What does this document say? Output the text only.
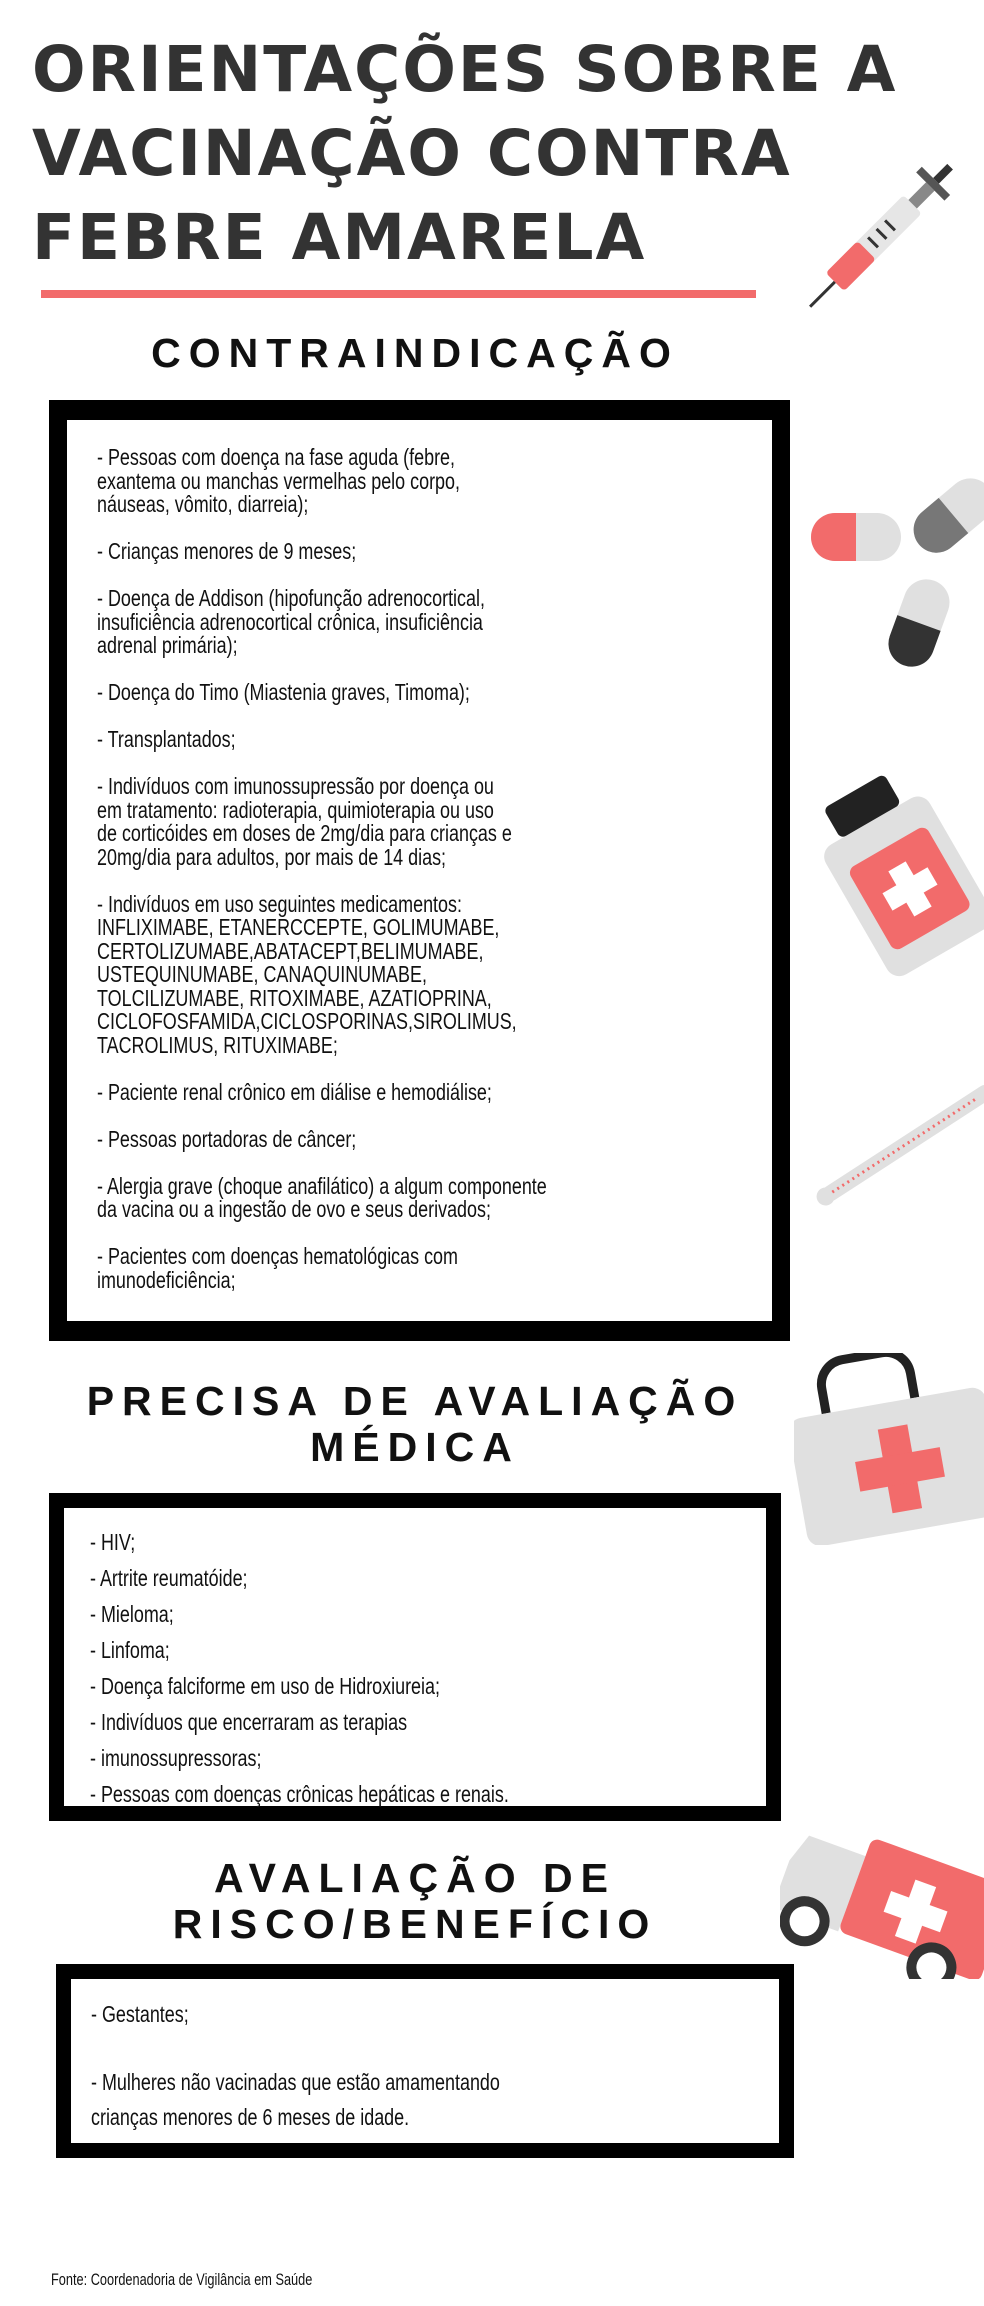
ORIENTAÇÕES SOBRE A
VACINAÇÃO CONTRA
FEBRE AMARELA
CONTRAINDICAÇÃO
- Pessoas com doença na fase aguda (febre,
exantema ou manchas vermelhas pelo corpo,
náuseas, vômito, diarreia);
- Crianças menores de 9 meses;
- Doença de Addison (hipofunção adrenocortical,
insuficiência adrenocortical crônica, insuficiência
adrenal primária);
- Doença do Timo (Miastenia graves, Timoma);
- Transplantados;
- Indivíduos com imunossupressão por doença ou
em tratamento: radioterapia, quimioterapia ou uso
de corticóides em doses de 2mg/dia para crianças e
20mg/dia para adultos, por mais de 14 dias;
- Indivíduos em uso seguintes medicamentos:
INFLIXIMABE, ETANERCCEPTE, GOLIMUMABE,
CERTOLIZUMABE,ABATACEPT,BELIMUMABE,
USTEQUINUMABE, CANAQUINUMABE,
TOLCILIZUMABE, RITOXIMABE, AZATIOPRINA,
CICLOFOSFAMIDA,CICLOSPORINAS,SIROLIMUS,
TACROLIMUS, RITUXIMABE;
- Paciente renal crônico em diálise e hemodiálise;
- Pessoas portadoras de câncer;
- Alergia grave (choque anafilático) a algum componente
da vacina ou a ingestão de ovo e seus derivados;
- Pacientes com doenças hematológicas com
imunodeficiência;
PRECISA DE AVALIAÇÃO
MÉDICA
- HIV;
- Artrite reumatóide;
- Mieloma;
- Linfoma;
- Doença falciforme em uso de Hidroxiureia;
- Indivíduos que encerraram as terapias
- imunossupressoras;
- Pessoas com doenças crônicas hepáticas e renais.
AVALIAÇÃO DE
RISCO/BENEFÍCIO
- Gestantes;
- Mulheres não vacinadas que estão amamentando
crianças menores de 6 meses de idade.
Fonte: Coordenadoria de Vigilância em Saúde
